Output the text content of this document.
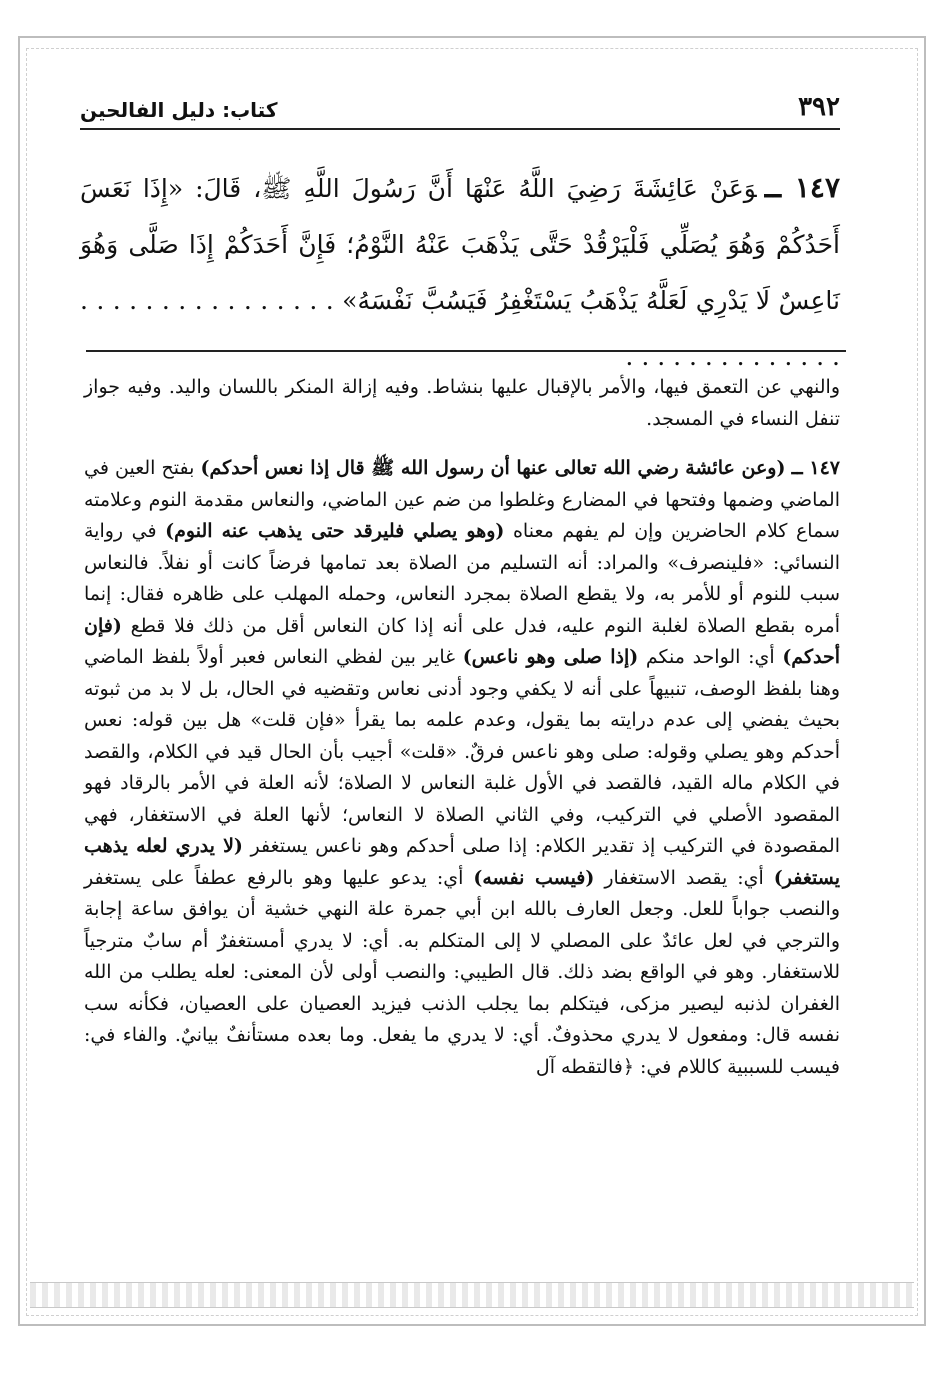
٣٩٢
كتاب: دليل الفالحين
١٤٧ ــوَعَنْ عَائِشَةَ رَضِيَ اللَّهُ عَنْهَا أَنَّ رَسُولَ اللَّهِ ﷺ، قَالَ: «إِذَا نَعَسَ أَحَدُكُمْ وَهُوَ يُصَلِّي فَلْيَرْقُدْ حَتَّى يَذْهَبَ عَنْهُ النَّوْمُ؛ فَإِنَّ أَحَدَكُمْ إِذَا صَلَّى وَهُوَ نَاعِسٌ لَا يَدْرِي لَعَلَّهُ يَذْهَبُ يَسْتَغْفِرُ فَيَسُبَّ نَفْسَهُ» . . . . . . . . . . . . . . . . . . . . . . . . . . . . . .

والنهي عن التعمق فيها، والأمر بالإقبال عليها بنشاط. وفيه إزالة المنكر باللسان واليد. وفيه جواز تنفل النساء في المسجد.

١٤٧ ــ (وعن عائشة رضي الله تعالى عنها أن رسول الله ﷺ قال إذا نعس أحدكم) بفتح العين في الماضي وضمها وفتحها في المضارع وغلطوا من ضم عين الماضي، والنعاس مقدمة النوم وعلامته سماع كلام الحاضرين وإن لم يفهم معناه (وهو يصلي فليرقد حتى يذهب عنه النوم) في رواية النسائي: «فلينصرف» والمراد: أنه التسليم من الصلاة بعد تمامها فرضاً كانت أو نفلاً. فالنعاس سبب للنوم أو للأمر به، ولا يقطع الصلاة بمجرد النعاس، وحمله المهلب على ظاهره فقال: إنما أمره بقطع الصلاة لغلبة النوم عليه، فدل على أنه إذا كان النعاس أقل من ذلك فلا قطع (فإن أحدكم) أي: الواحد منكم (إذا صلى وهو ناعس) غاير بين لفظي النعاس فعبر أولاً بلفظ الماضي وهنا بلفظ الوصف، تنبيهاً على أنه لا يكفي وجود أدنى نعاس وتقضيه في الحال، بل لا بد من ثبوته بحيث يفضي إلى عدم درايته بما يقول، وعدم علمه بما يقرأ «فإن قلت» هل بين قوله: نعس أحدكم وهو يصلي وقوله: صلى وهو ناعس فرقٌ. «قلت» أجيب بأن الحال قيد في الكلام، والقصد في الكلام ماله القيد، فالقصد في الأول غلبة النعاس لا الصلاة؛ لأنه العلة في الأمر بالرقاد فهو المقصود الأصلي في التركيب، وفي الثاني الصلاة لا النعاس؛ لأنها العلة في الاستغفار، فهي المقصودة في التركيب إذ تقدير الكلام: إذا صلى أحدكم وهو ناعس يستغفر (لا يدري لعله يذهب يستغفر) أي: يقصد الاستغفار (فيسب نفسه) أي: يدعو عليها وهو بالرفع عطفاً على يستغفر والنصب جواباً للعل. وجعل العارف بالله ابن أبي جمرة علة النهي خشية أن يوافق ساعة إجابة والترجي في لعل عائدٌ على المصلي لا إلى المتكلم به. أي: لا يدري أمستغفرٌ أم سابٌ مترجياً للاستغفار. وهو في الواقع بضد ذلك. قال الطيبي: والنصب أولى لأن المعنى: لعله يطلب من الله الغفران لذنبه ليصير مزكى، فيتكلم بما يجلب الذنب فيزيد العصيان على العصيان، فكأنه سب نفسه قال: ومفعول لا يدري محذوفٌ. أي: لا يدري ما يفعل. وما بعده مستأنفٌ بيانيٌ. والفاء في: فيسب للسببية كاللام في: ﴿فالتقطه آل
